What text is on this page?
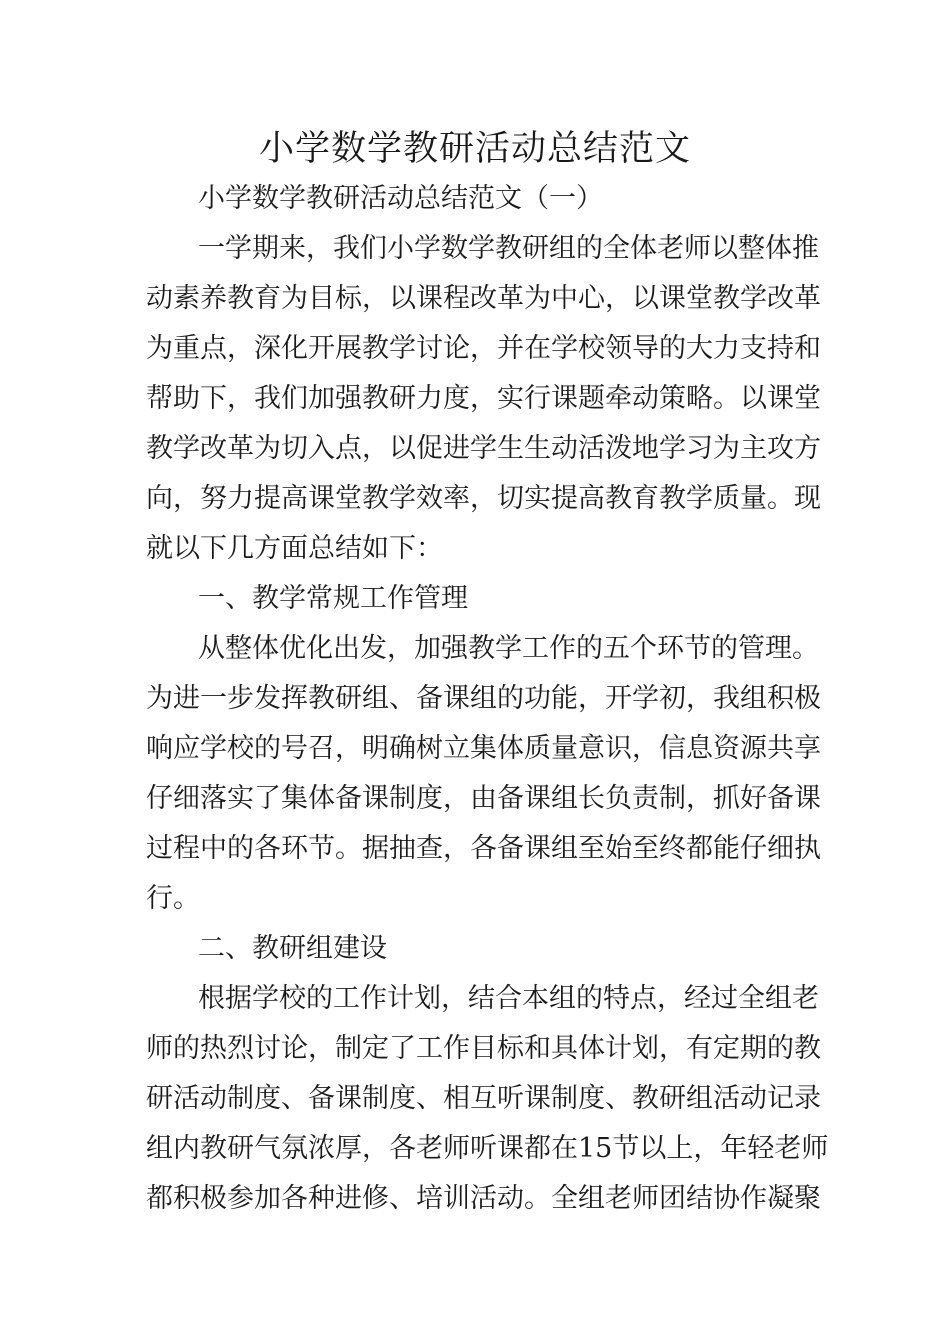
小学数学教研活动总结范文

小学数学教研活动总结范文（一）

一学期来，我们小学数学教研组的全体老师以整体推

动素养教育为目标，以课程改革为中心，以课堂教学改革

为重点，深化开展教学讨论，并在学校领导的大力支持和

帮助下，我们加强教研力度，实行课题牵动策略。以课堂

教学改革为切入点，以促进学生生动活泼地学习为主攻方

向，努力提高课堂教学效率，切实提高教育教学质量。现

就以下几方面总结如下：

一、教学常规工作管理

从整体优化出发，加强教学工作的五个环节的管理。

为进一步发挥教研组、备课组的功能，开学初，我组积极

响应学校的号召，明确树立集体质量意识，信息资源共享

仔细落实了集体备课制度，由备课组长负责制，抓好备课

过程中的各环节。据抽查，各备课组至始至终都能仔细执

行。

二、教研组建设

根据学校的工作计划，结合本组的特点，经过全组老

师的热烈讨论，制定了工作目标和具体计划，有定期的教

研活动制度、备课制度、相互听课制度、教研组活动记录

组内教研气氛浓厚，各老师听课都在15节以上，年轻老师

都积极参加各种进修、培训活动。全组老师团结协作凝聚
